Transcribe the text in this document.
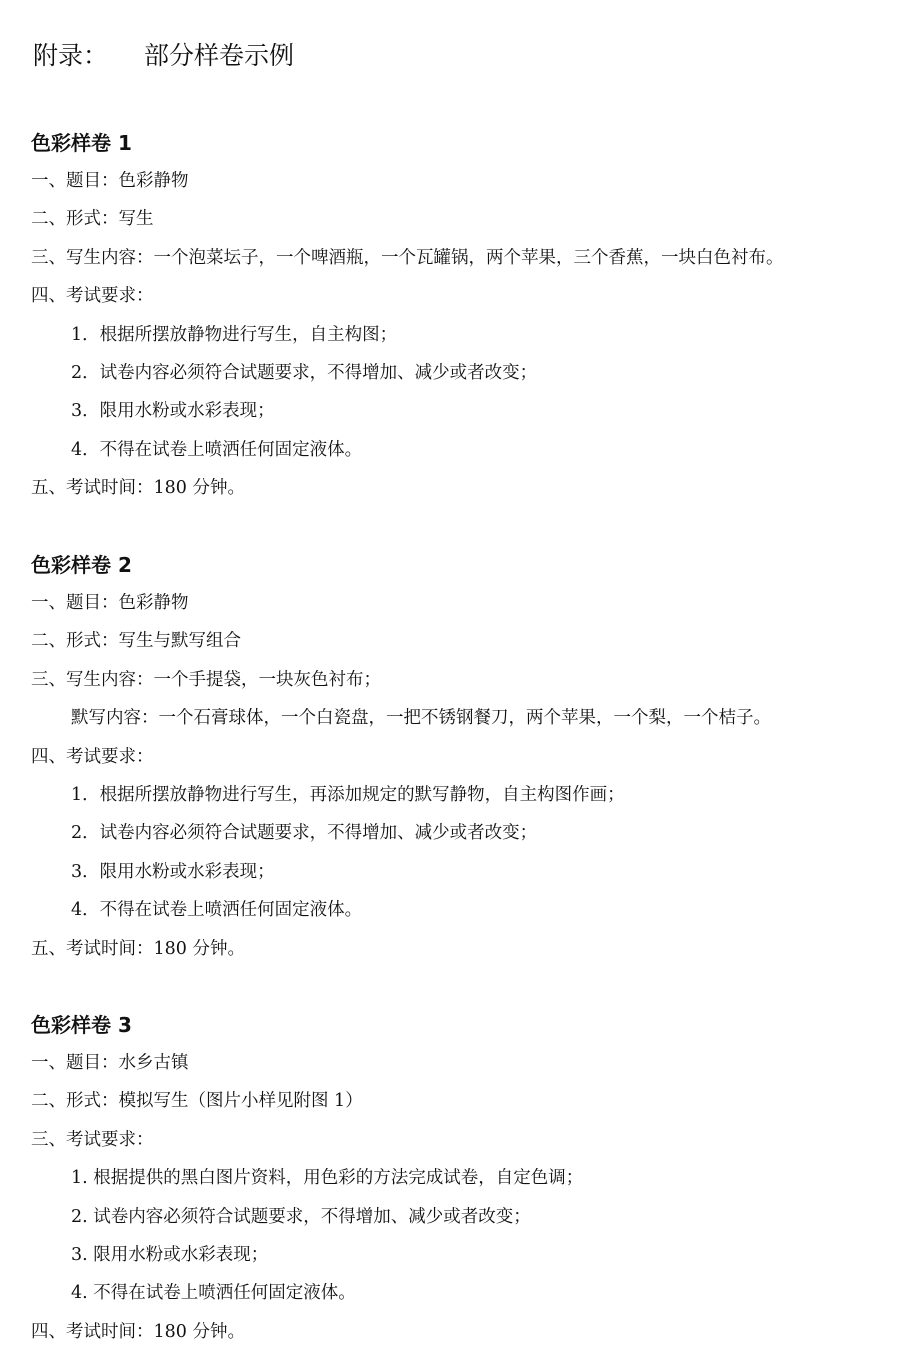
附录： 部分样卷示例
色彩样卷 1
一、题目：色彩静物
二、形式：写生
三、写生内容：一个泡菜坛子，一个啤酒瓶，一个瓦罐锅，两个苹果，三个香蕉，一块白色衬布。
四、考试要求：
1．根据所摆放静物进行写生，自主构图；
2．试卷内容必须符合试题要求，不得增加、减少或者改变；
3．限用水粉或水彩表现；
4．不得在试卷上喷洒任何固定液体。
五、考试时间：180 分钟。
色彩样卷 2
一、题目：色彩静物
二、形式：写生与默写组合
三、写生内容：一个手提袋，一块灰色衬布；
默写内容：一个石膏球体，一个白瓷盘，一把不锈钢餐刀，两个苹果，一个梨，一个桔子。
四、考试要求：
1．根据所摆放静物进行写生，再添加规定的默写静物，自主构图作画；
2．试卷内容必须符合试题要求，不得增加、减少或者改变；
3．限用水粉或水彩表现；
4．不得在试卷上喷洒任何固定液体。
五、考试时间：180 分钟。
色彩样卷 3
一、题目：水乡古镇
二、形式：模拟写生（图片小样见附图 1）
三、考试要求：
1. 根据提供的黑白图片资料，用色彩的方法完成试卷，自定色调；
2. 试卷内容必须符合试题要求，不得增加、减少或者改变；
3. 限用水粉或水彩表现；
4. 不得在试卷上喷洒任何固定液体。
四、考试时间：180 分钟。
